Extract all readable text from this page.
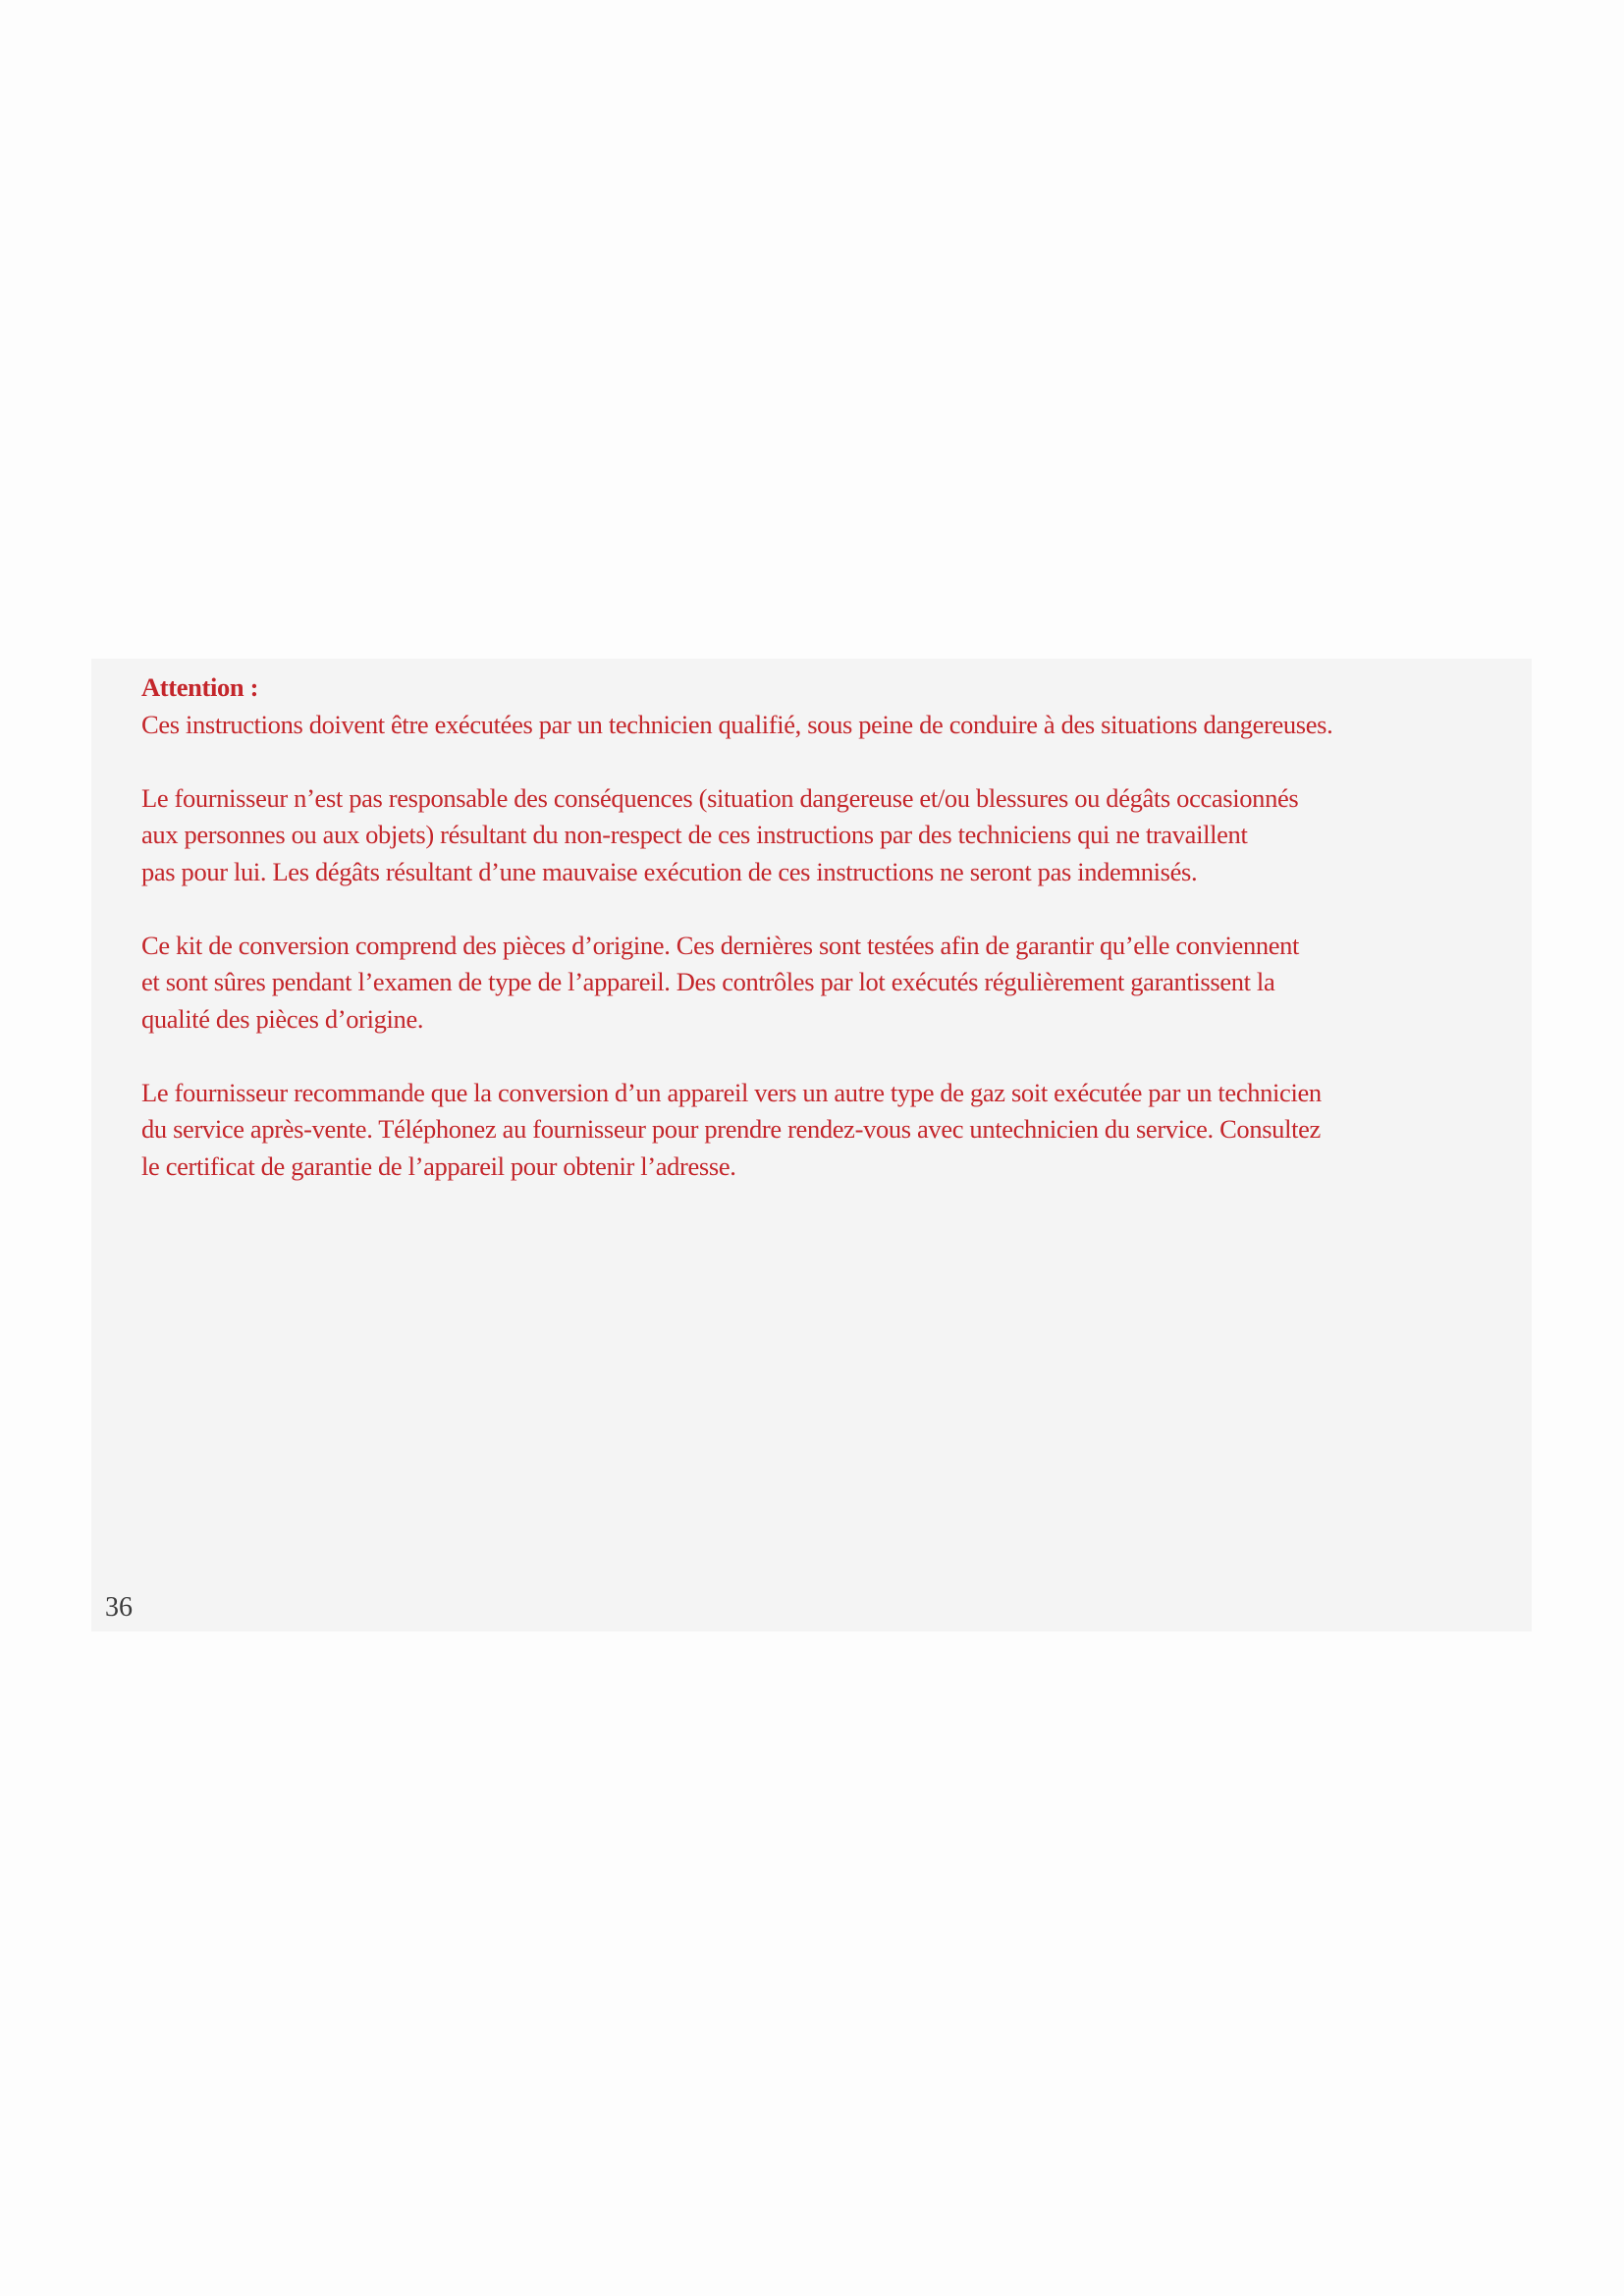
Attention :

Ces instructions doivent être exécutées par un technicien qualifié, sous peine de conduire à des situations dangereuses.

Le fournisseur n’est pas responsable des conséquences (situation dangereuse et/ou blessures ou dégâts occasionnés
aux personnes ou aux objets) résultant du non-respect de ces instructions par des techniciens qui ne travaillent
pas pour lui. Les dégâts résultant d’une mauvaise exécution de ces instructions ne seront pas indemnisés.

Ce kit de conversion comprend des pièces d’origine. Ces dernières sont testées afin de garantir qu’elle conviennent
et sont sûres pendant l’examen de type de l’appareil. Des contrôles par lot exécutés régulièrement garantissent la
qualité des pièces d’origine.

Le fournisseur recommande que la conversion d’un appareil vers un autre type de gaz soit exécutée par un technicien
du service après-vente. Téléphonez au fournisseur pour prendre rendez-vous avec untechnicien du service. Consultez
le certificat de garantie de l’appareil pour obtenir l’adresse.

36
